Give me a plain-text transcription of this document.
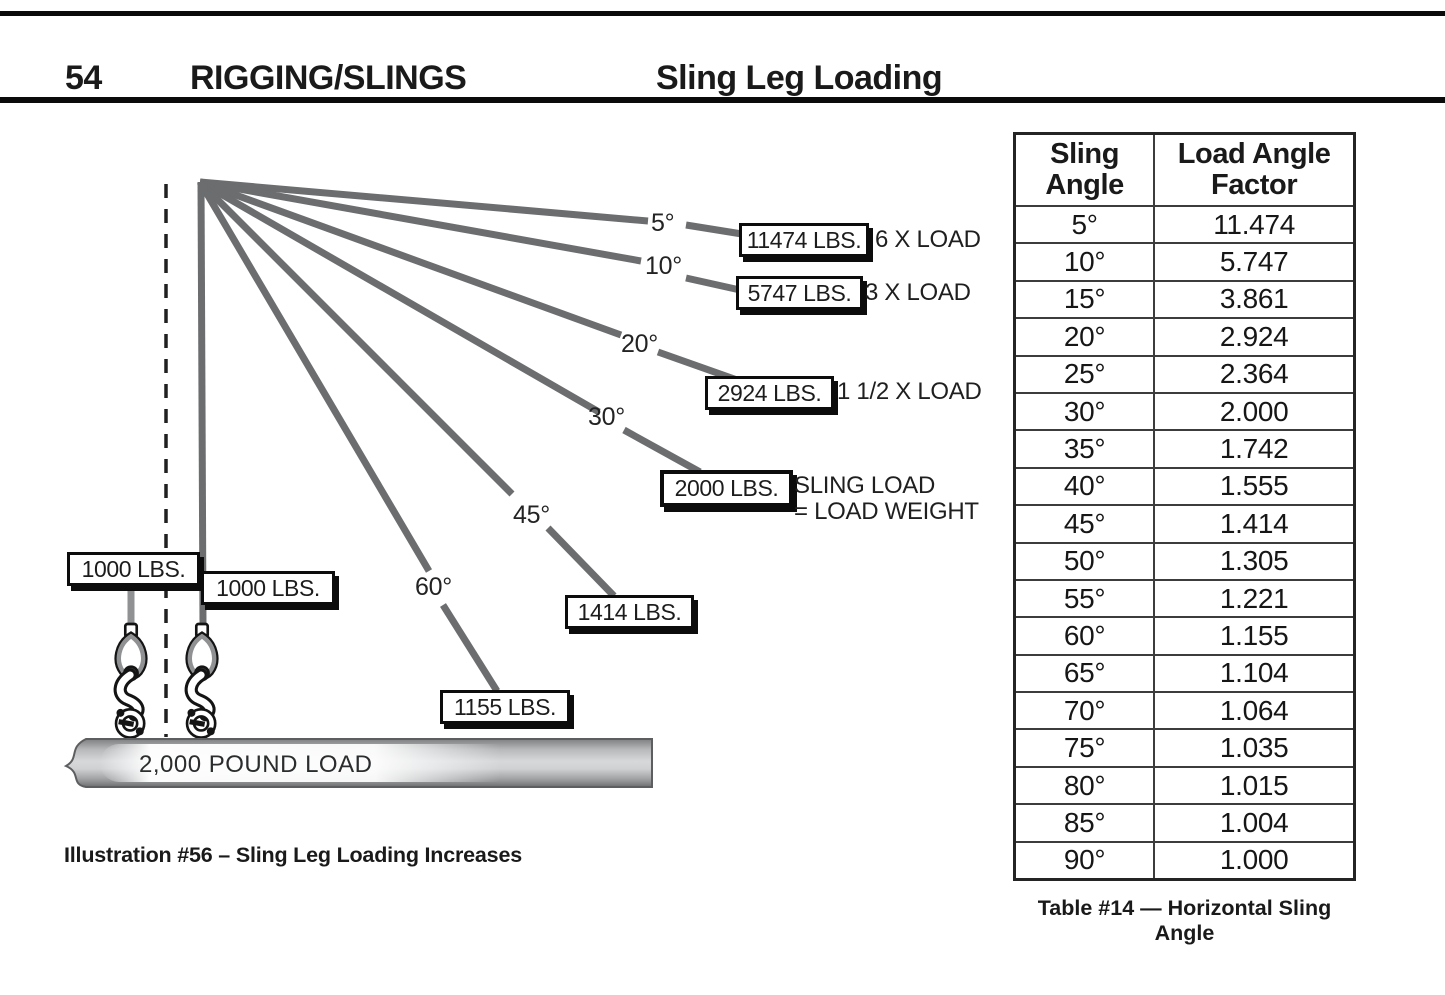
54	RIGGING/SLINGS	Sling Leg Loading
5°
10°
20°
30°
45°
60°
11474 LBS.
5747 LBS.
2924 LBS.
2000 LBS.
1414 LBS.
1155 LBS.
1000 LBS.
1000 LBS.
6 X LOAD
3 X LOAD
1 1/2 X LOAD
SLING LOAD
= LOAD WEIGHT
2,000 POUND LOAD
Illustration #56 – Sling Leg Loading Increases
Sling Angle	Load Angle Factor
5°	11.474
10°	5.747
15°	3.861
20°	2.924
25°	2.364
30°	2.000
35°	1.742
40°	1.555
45°	1.414
50°	1.305
55°	1.221
60°	1.155
65°	1.104
70°	1.064
75°	1.035
80°	1.015
85°	1.004
90°	1.000
Table #14 — Horizontal Sling
Angle
